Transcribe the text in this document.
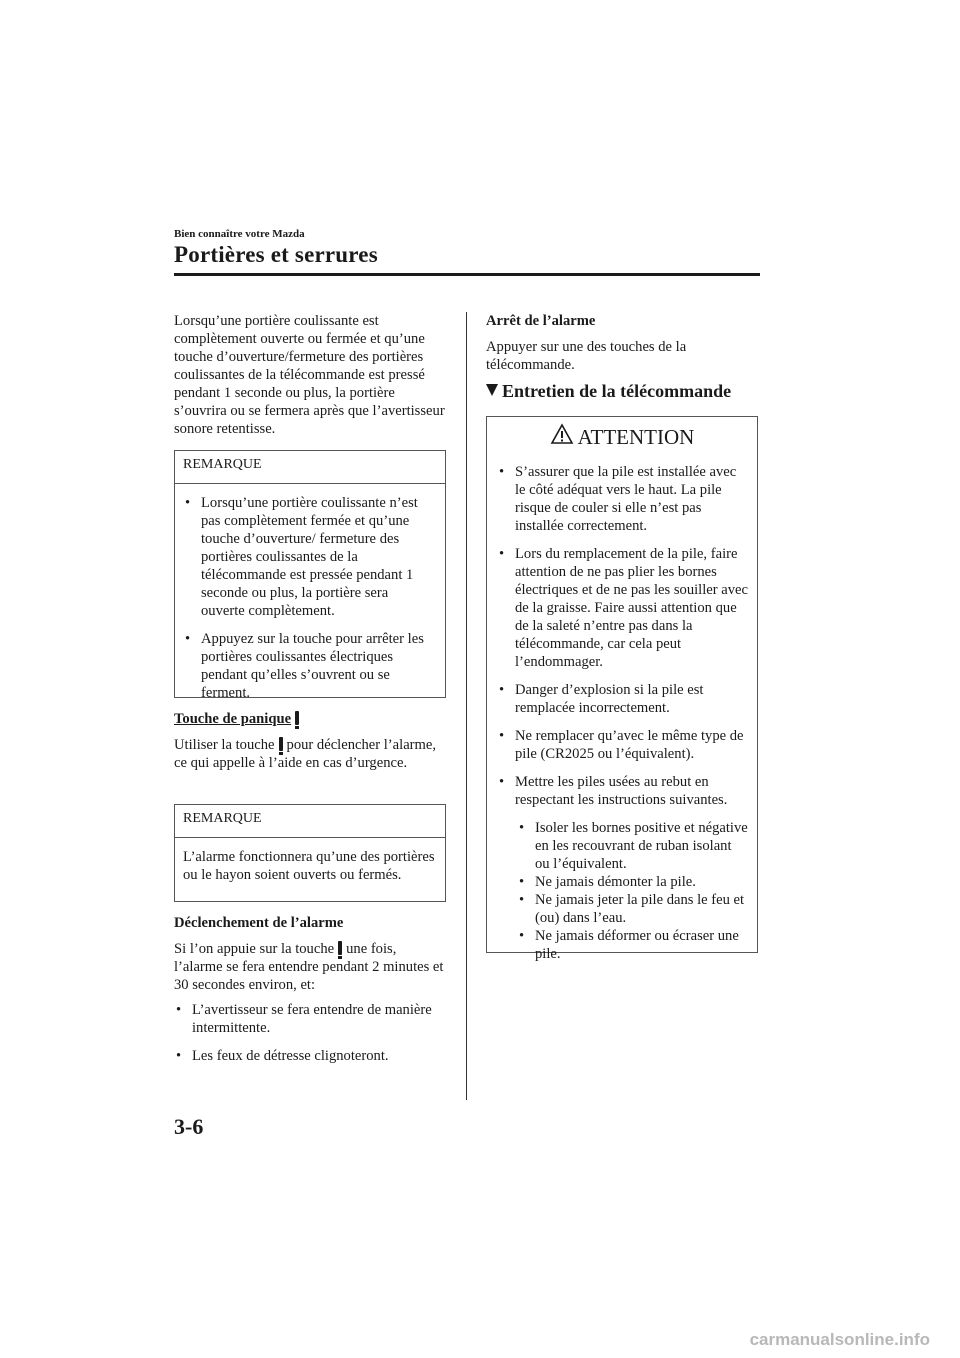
Bien connaître votre Mazda
Portières et serrures
Lorsqu’une portière coulissante est complètement ouverte ou fermée et qu’une touche d’ouverture/fermeture des portières coulissantes de la télécommande est pressé pendant 1 seconde ou plus, la portière s’ouvrira ou se fermera après que l’avertisseur sonore retentisse.
REMARQUE
• Lorsqu’une portière coulissante n’est pas complètement fermée et qu’une touche d’ouverture/ fermeture des portières coulissantes de la télécommande est pressée pendant 1 seconde ou plus, la portière sera ouverte complètement.
• Appuyez sur la touche pour arrêter les portières coulissantes électriques pendant qu’elles s’ouvrent ou se ferment.
Touche de panique
Utiliser la touche pour déclencher l’alarme, ce qui appelle à l’aide en cas d’urgence.
REMARQUE
L’alarme fonctionnera qu’une des portières ou le hayon soient ouverts ou fermés.
Déclenchement de l’alarme
Si l’on appuie sur la touche une fois, l’alarme se fera entendre pendant 2 minutes et 30 secondes environ, et:
• L’avertisseur se fera entendre de manière intermittente.
• Les feux de détresse clignoteront.
Arrêt de l’alarme
Appuyer sur une des touches de la télécommande.
Entretien de la télécommande
ATTENTION
• S’assurer que la pile est installée avec le côté adéquat vers le haut. La pile risque de couler si elle n’est pas installée correctement.
• Lors du remplacement de la pile, faire attention de ne pas plier les bornes électriques et de ne pas les souiller avec de la graisse. Faire aussi attention que de la saleté n’entre pas dans la télécommande, car cela peut l’endommager.
• Danger d’explosion si la pile est remplacée incorrectement.
• Ne remplacer qu’avec le même type de pile (CR2025 ou l’équivalent).
• Mettre les piles usées au rebut en respectant les instructions suivantes.
• Isoler les bornes positive et négative en les recouvrant de ruban isolant ou l’équivalent.
• Ne jamais démonter la pile.
• Ne jamais jeter la pile dans le feu et (ou) dans l’eau.
• Ne jamais déformer ou écraser une pile.
3-6
carmanualsonline.info
